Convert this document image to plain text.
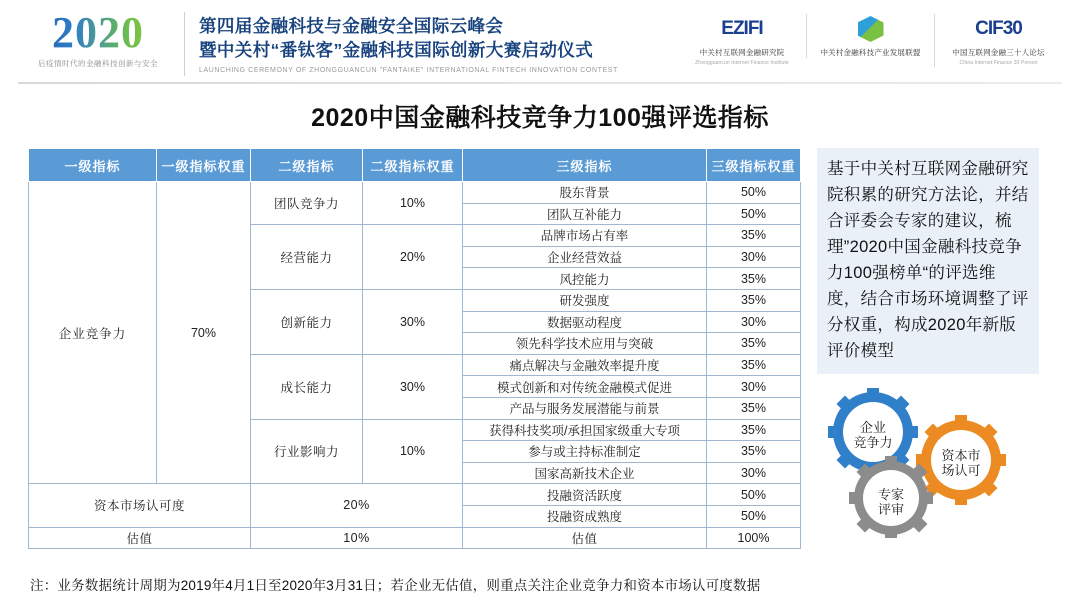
2020
后疫情时代的金融科技创新与安全
第四届金融科技与金融安全国际云峰会
暨中关村“番钛客”金融科技国际创新大赛启动仪式
LAUNCHING CEREMONY OF ZHONGGUANCUN "FANTAIKE" INTERNATIONAL FINTECH INNOVATION CONTEST
EZIFI
中关村互联网金融研究院
Zhongguancun Internet Finance Institute
中关村金融科技产业发展联盟
CIF30
中国互联网金融三十人论坛
China Internet Finance 30 Person
2020中国金融科技竞争力100强评选指标
一级指标	一级指标权重	二级指标	二级指标权重	三级指标	三级指标权重
企业竞争力	70%	团队竞争力	10%	股东背景	50%
				团队互补能力	50%
		经营能力	20%	品牌市场占有率	35%
				企业经营效益	30%
				风控能力	35%
		创新能力	30%	研发强度	35%
				数据驱动程度	30%
				领先科学技术应用与突破	35%
		成长能力	30%	痛点解决与金融效率提升度	35%
				模式创新和对传统金融模式促进	30%
				产品与服务发展潜能与前景	35%
		行业影响力	10%	获得科技奖项/承担国家级重大专项	35%
				参与或主持标准制定	35%
				国家高新技术企业	30%
资本市场认可度		20%		投融资活跃度	50%
				投融资成熟度	50%
估值		10%		估值	100%
基于中关村互联网金融研究院积累的研究方法论，并结合评委会专家的建议，梳理”2020中国金融科技竞争力100强榜单“的评选维度，结合市场环境调整了评分权重，构成2020年新版评价模型
企业
竞争力
资本市
场认可
专家
评审
注：业务数据统计周期为2019年4月1日至2020年3月31日；若企业无估值，则重点关注企业竞争力和资本市场认可度数据
